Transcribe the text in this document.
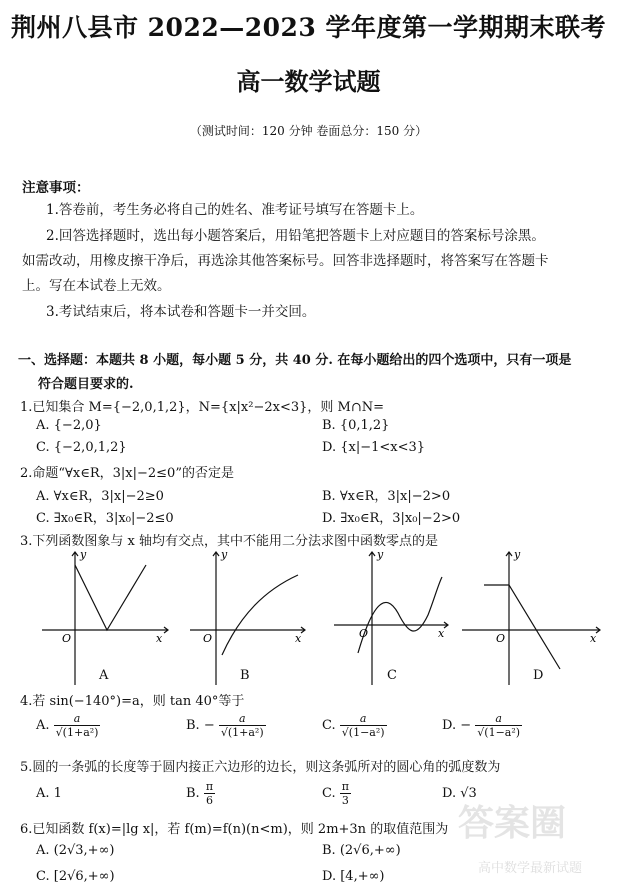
荆州八县市 2022—2023 学年度第一学期期末联考
高一数学试题
（测试时间：120 分钟 卷面总分：150 分）
注意事项：
1.答卷前，考生务必将自己的姓名、准考证号填写在答题卡上。
2.回答选择题时，选出每小题答案后，用铅笔把答题卡上对应题目的答案标号涂黑。
如需改动，用橡皮擦干净后，再选涂其他答案标号。回答非选择题时，将答案写在答题卡
上。写在本试卷上无效。
3.考试结束后，将本试卷和答题卡一并交回。
一、选择题：本题共 8 小题，每小题 5 分，共 40 分. 在每小题给出的四个选项中，只有一项是
符合题目要求的.
1.已知集合 M={−2,0,1,2}，N={x|x²−2x<3}，则 M∩N=
A. {−2,0}	B. {0,1,2}
C. {−2,0,1,2}	D. {x|−1<x<3}
2.命题“∀x∈R，3|x|−2≤0”的否定是
A. ∀x∈R，3|x|−2≥0	B. ∀x∈R，3|x|−2>0
C. ∃x₀∈R，3|x₀|−2≤0	D. ∃x₀∈R，3|x₀|−2>0
3.下列函数图象与 x 轴均有交点，其中不能用二分法求图中函数零点的是
y
x
O
y
x
O
y
x
O
y
x
O
A	B	C	D
4.若 sin(−140°)=a，则 tan 40°等于
A. $\frac{a}{\text{√(1+a²)}}$	B. − $\frac{a}{\text{√(1+a²)}}$	C. $\frac{a}{\text{√(1−a²)}}$	D. − $\frac{a}{\text{√(1−a²)}}$
5.圆的一条弧的长度等于圆内接正六边形的边长，则这条弧所对的圆心角的弧度数为
A. 1	B. $\frac{\pi}{6}$	C. $\frac{\pi}{3}$	D. √3
6.已知函数 f(x)=|lg x|，若 f(m)=f(n)(n<m)，则 2m+3n 的取值范围为
A. (2√3,+∞)	B. (2√6,+∞)
C. [2√6,+∞)	D. [4,+∞)
答案圈
高中数学最新试题
